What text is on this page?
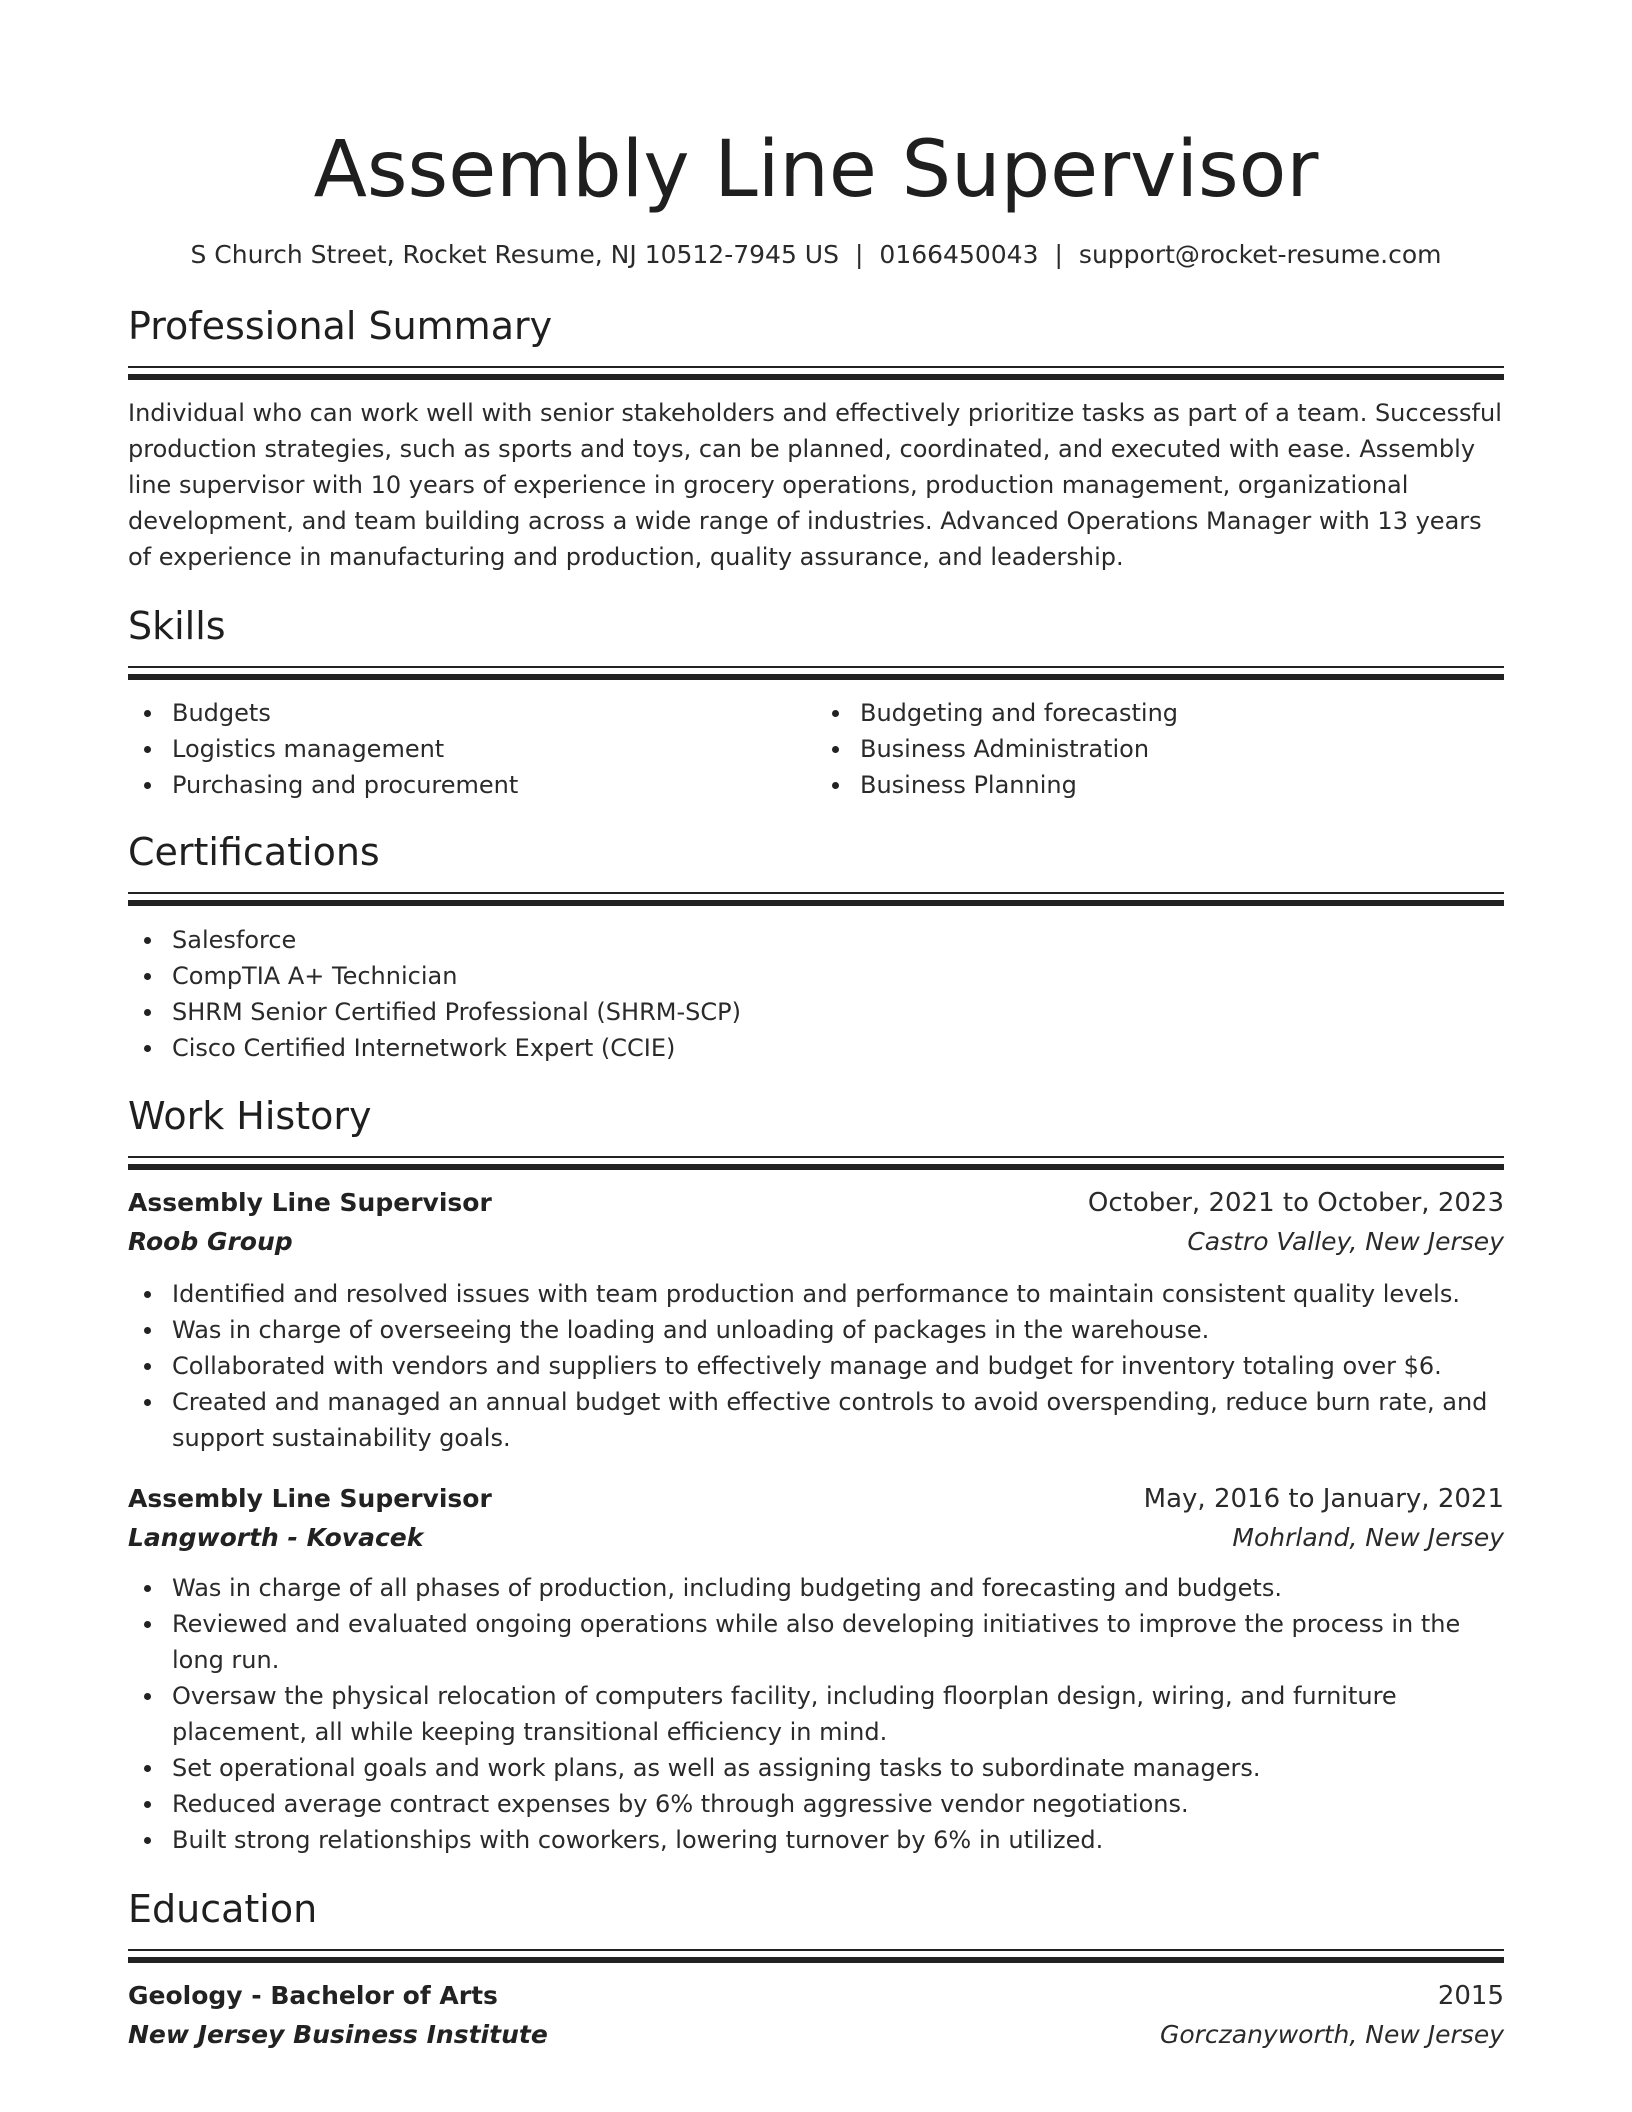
Assembly Line Supervisor
S Church Street, Rocket Resume, NJ 10512-7945 US | 0166450043 | support@rocket-resume.com
Professional Summary

Individual who can work well with senior stakeholders and effectively prioritize tasks as part of a team. Successful production strategies, such as sports and toys, can be planned, coordinated, and executed with ease. Assembly line supervisor with 10 years of experience in grocery operations, production management, organizational development, and team building across a wide range of industries. Advanced Operations Manager with 13 years of experience in manufacturing and production, quality assurance, and leadership.

Skills
Budgets
Logistics management
Purchasing and procurement
Budgeting and forecasting
Business Administration
Business Planning
Certifications
Salesforce
CompTIA A+ Technician
SHRM Senior Certified Professional (SHRM-SCP)
Cisco Certified Internetwork Expert (CCIE)
Work History
Assembly Line Supervisor	October, 2021 to October, 2023
Roob Group	Castro Valley, New Jersey
Identified and resolved issues with team production and performance to maintain consistent quality levels.
Was in charge of overseeing the loading and unloading of packages in the warehouse.
Collaborated with vendors and suppliers to effectively manage and budget for inventory totaling over $6.
Created and managed an annual budget with effective controls to avoid overspending, reduce burn rate, and support sustainability goals.
Assembly Line Supervisor	May, 2016 to January, 2021
Langworth - Kovacek	Mohrland, New Jersey
Was in charge of all phases of production, including budgeting and forecasting and budgets.
Reviewed and evaluated ongoing operations while also developing initiatives to improve the process in the long run.
Oversaw the physical relocation of computers facility, including floorplan design, wiring, and furniture placement, all while keeping transitional efficiency in mind.
Set operational goals and work plans, as well as assigning tasks to subordinate managers.
Reduced average contract expenses by 6% through aggressive vendor negotiations.
Built strong relationships with coworkers, lowering turnover by 6% in utilized.
Education
Geology - Bachelor of Arts	2015
New Jersey Business Institute	Gorczanyworth, New Jersey
